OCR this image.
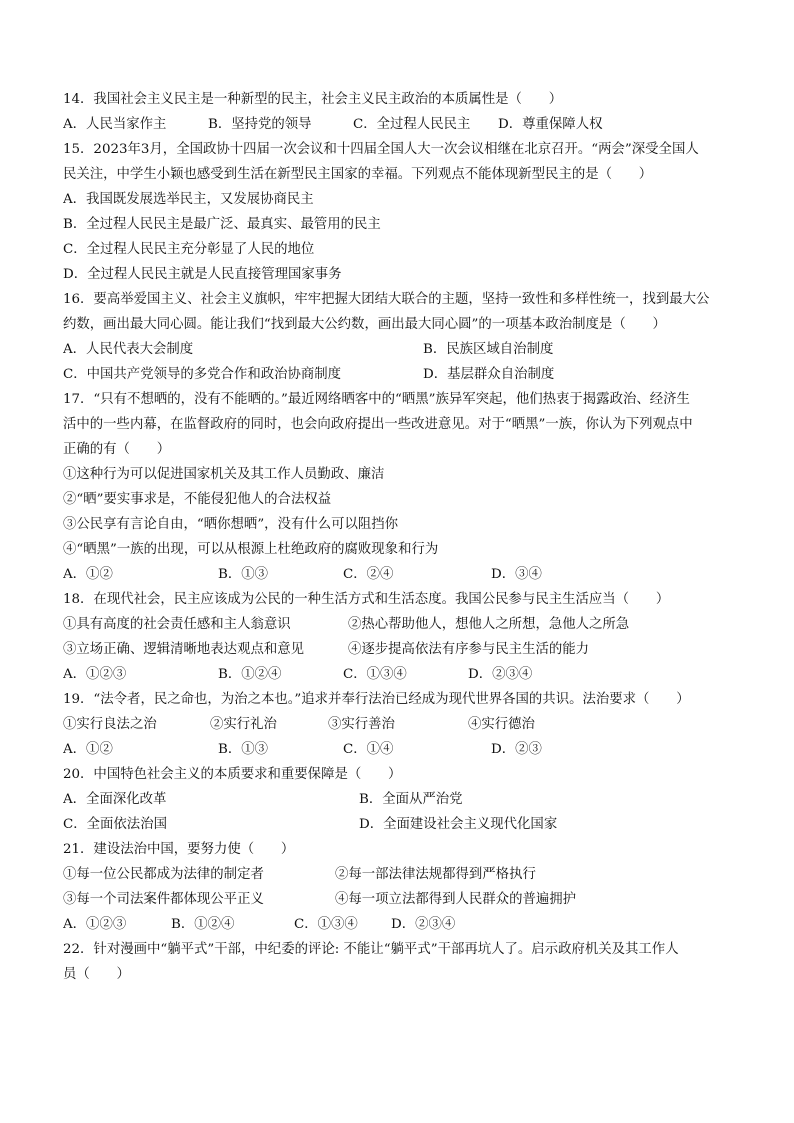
14．我国社会主义民主是一种新型的民主，社会主义民主政治的本质属性是（　　）
A．人民当家作主	B．坚持党的领导	C．全过程人民民主 D．尊重保障人权
15．2023年3月，全国政协十四届一次会议和十四届全国人大一次会议相继在北京召开。“两会”深受全国人
民关注，中学生小颖也感受到生活在新型民主国家的幸福。下列观点不能体现新型民主的是（　　）
A．我国既发展选举民主，又发展协商民主
B．全过程人民民主是最广泛、最真实、最管用的民主
C．全过程人民民主充分彰显了人民的地位
D．全过程人民民主就是人民直接管理国家事务
16．要高举爱国主义、社会主义旗帜，牢牢把握大团结大联合的主题，坚持一致性和多样性统一，找到最大公
约数，画出最大同心圆。能让我们“找到最大公约数，画出最大同心圆”的一项基本政治制度是（　　）
A．人民代表大会制度	B．民族区域自治制度
C．中国共产党领导的多党合作和政治协商制度	D．基层群众自治制度
17．“只有不想晒的，没有不能晒的。”最近网络晒客中的“晒黑”族异军突起，他们热衷于揭露政治、经济生
活中的一些内幕，在监督政府的同时，也会向政府提出一些改进意见。对于“晒黑”一族，你认为下列观点中
正确的有（　　）
①这种行为可以促进国家机关及其工作人员勤政、廉洁
②“晒”要实事求是，不能侵犯他人的合法权益
③公民享有言论自由，“晒你想晒”，没有什么可以阻挡你
④“晒黑”一族的出现，可以从根源上杜绝政府的腐败现象和行为
A．①②	B．①③	C．②④	D．③④
18．在现代社会，民主应该成为公民的一种生活方式和生活态度。我国公民参与民主生活应当（　　）
①具有高度的社会责任感和主人翁意识	②热心帮助他人，想他人之所想，急他人之所急
③立场正确、逻辑清晰地表达观点和意见	④逐步提高依法有序参与民主生活的能力
A．①②③	B．①②④	C．①③④	D．②③④
19．“法令者，民之命也，为治之本也。”追求并奉行法治已经成为现代世界各国的共识。法治要求（　　）
①实行良法之治	②实行礼治	③实行善治	④实行德治
A．①②	B．①③	C．①④	D．②③
20．中国特色社会主义的本质要求和重要保障是（　　）
A．全面深化改革	B．全面从严治党
C．全面依法治国	D．全面建设社会主义现代化国家
21．建设法治中国，要努力使（　　）
①每一位公民都成为法律的制定者	②每一部法律法规都得到严格执行
③每一个司法案件都体现公平正义	④每一项立法都得到人民群众的普遍拥护
A．①②③	B．①②④	C．①③④ D．②③④
22．针对漫画中“躺平式”干部，中纪委的评论: 不能让“躺平式”干部再坑人了。启示政府机关及其工作人
员（　　）
